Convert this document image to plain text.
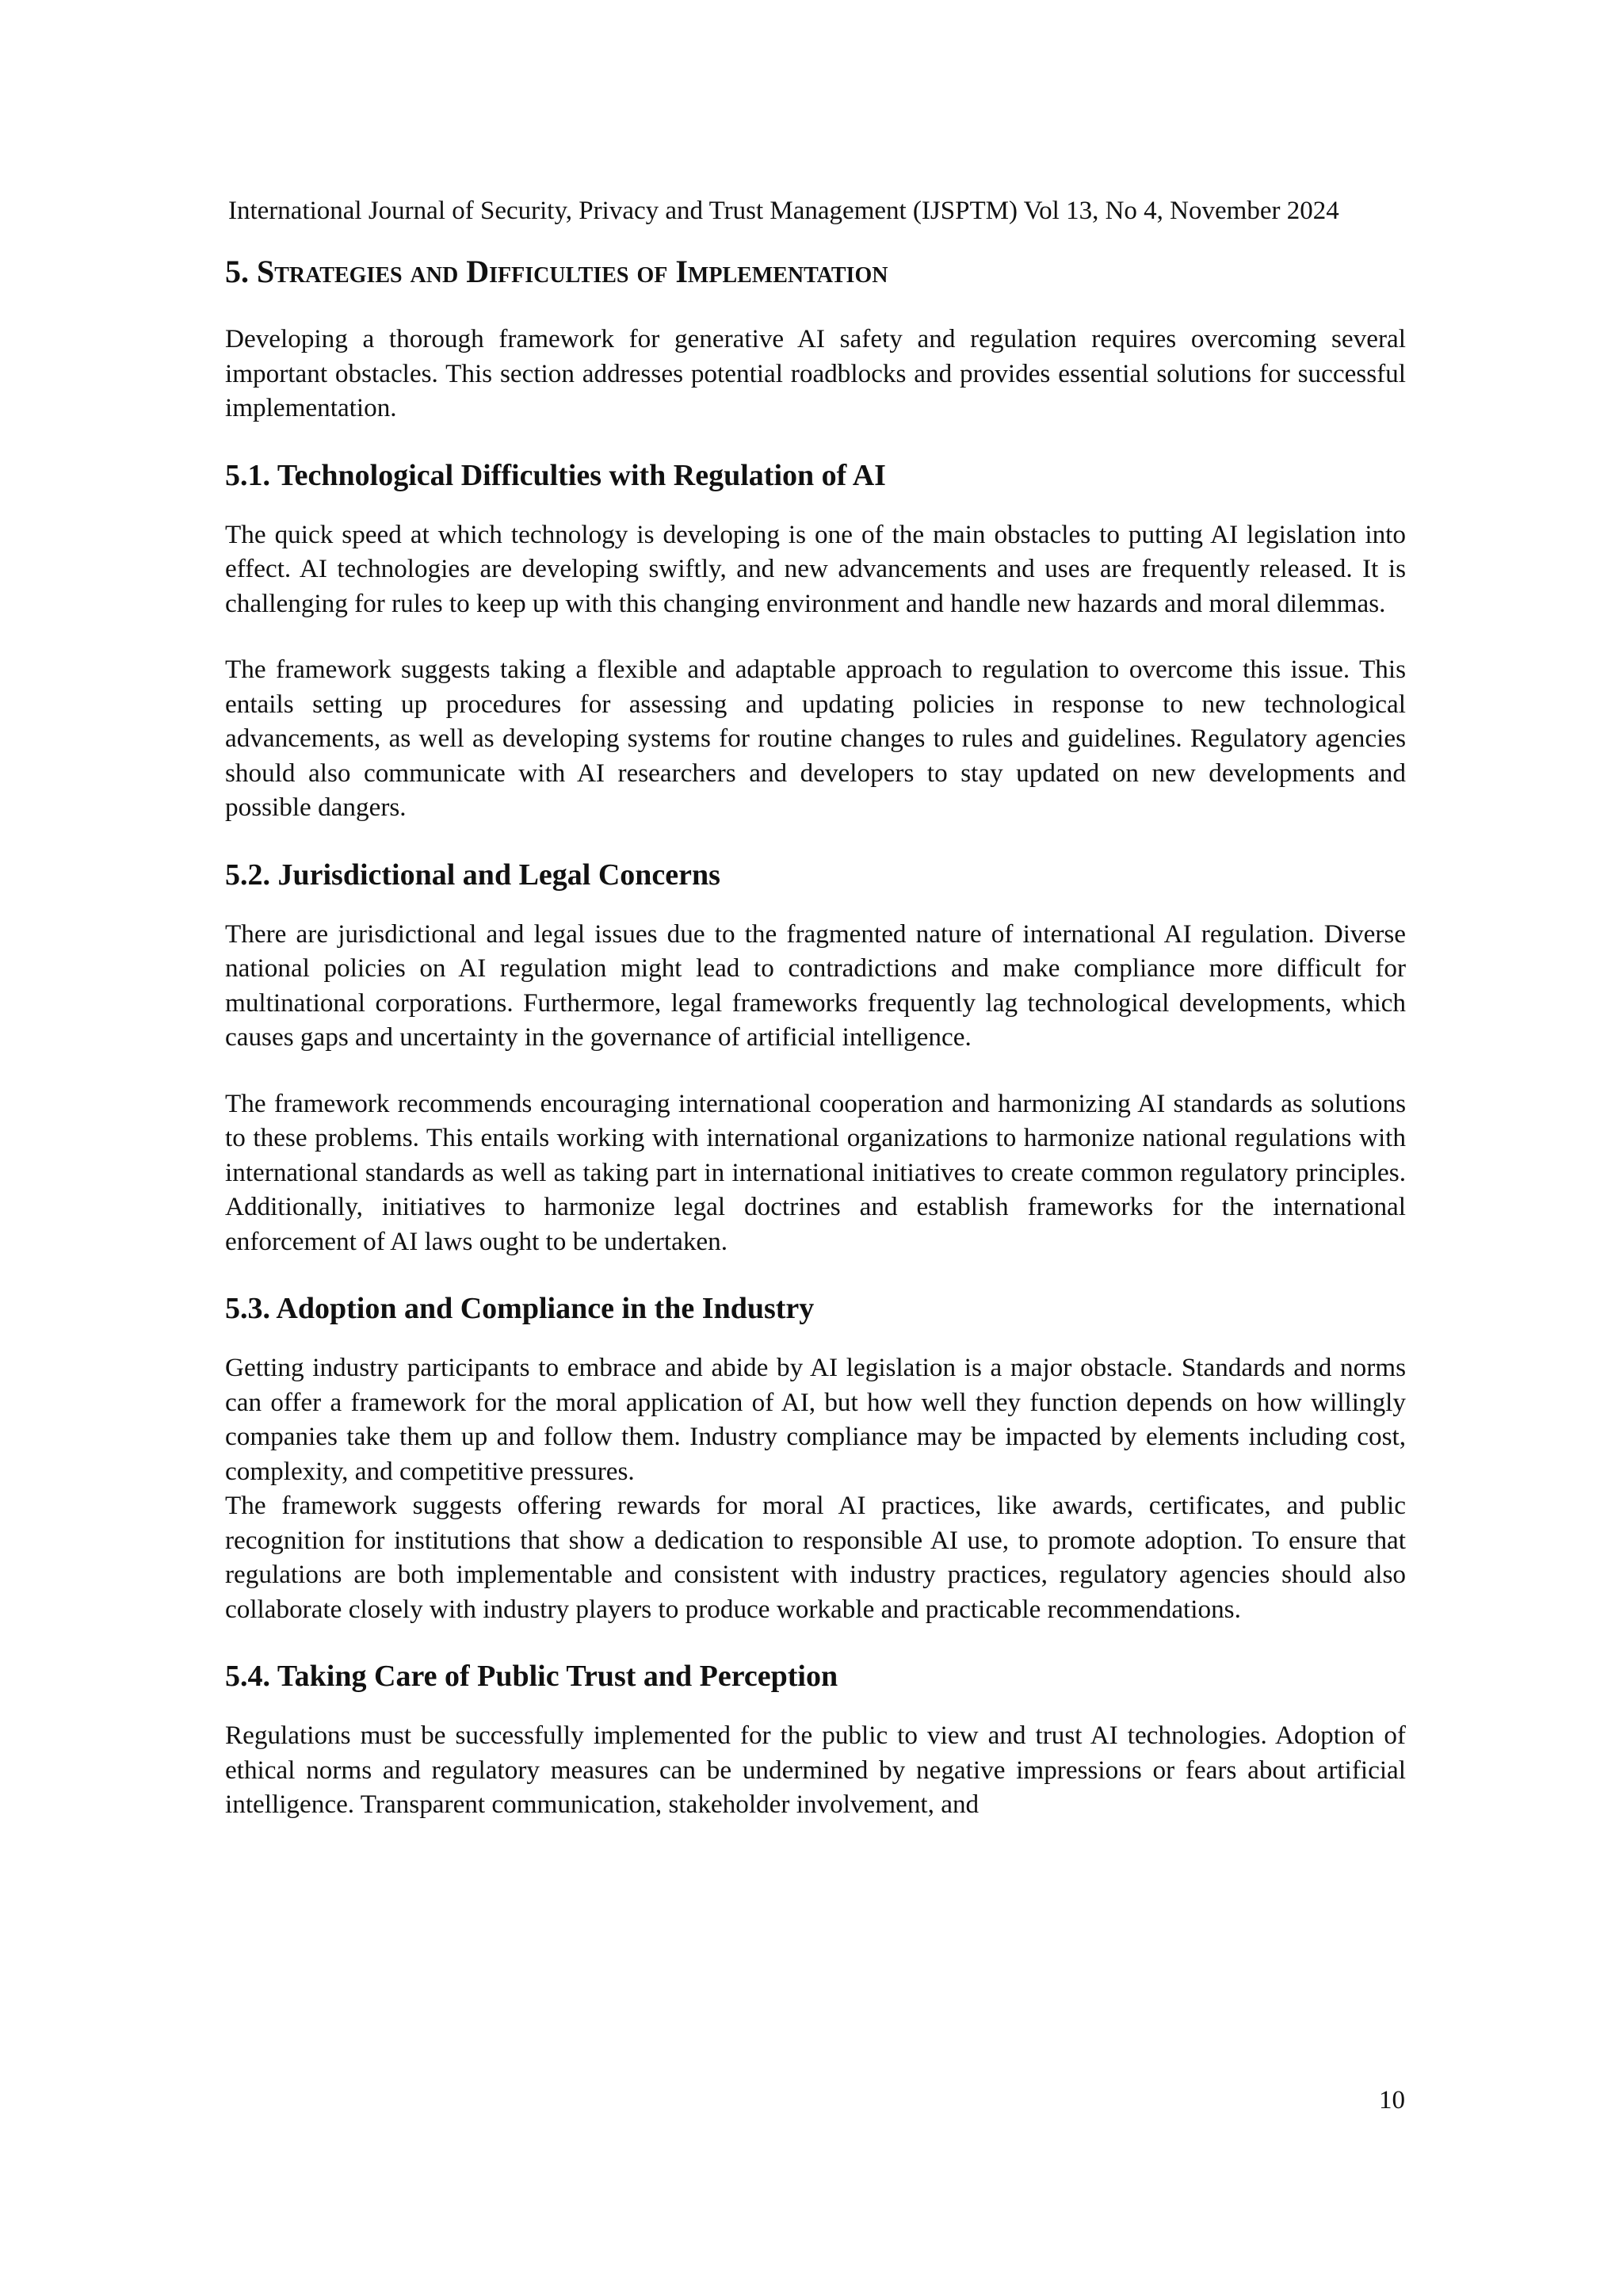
International Journal of Security, Privacy and Trust Management (IJSPTM) Vol 13, No 4, November 2024
5. Strategies and Difficulties of Implementation

Developing a thorough framework for generative AI safety and regulation requires overcoming several important obstacles. This section addresses potential roadblocks and provides essential solutions for successful implementation.

5.1. Technological Difficulties with Regulation of AI

The quick speed at which technology is developing is one of the main obstacles to putting AI legislation into effect. AI technologies are developing swiftly, and new advancements and uses are frequently released. It is challenging for rules to keep up with this changing environment and handle new hazards and moral dilemmas.

The framework suggests taking a flexible and adaptable approach to regulation to overcome this issue. This entails setting up procedures for assessing and updating policies in response to new technological advancements, as well as developing systems for routine changes to rules and guidelines. Regulatory agencies should also communicate with AI researchers and developers to stay updated on new developments and possible dangers.

5.2. Jurisdictional and Legal Concerns

There are jurisdictional and legal issues due to the fragmented nature of international AI regulation. Diverse national policies on AI regulation might lead to contradictions and make compliance more difficult for multinational corporations. Furthermore, legal frameworks frequently lag technological developments, which causes gaps and uncertainty in the governance of artificial intelligence.

The framework recommends encouraging international cooperation and harmonizing AI standards as solutions to these problems. This entails working with international organizations to harmonize national regulations with international standards as well as taking part in international initiatives to create common regulatory principles. Additionally, initiatives to harmonize legal doctrines and establish frameworks for the international enforcement of AI laws ought to be undertaken.

5.3. Adoption and Compliance in the Industry

Getting industry participants to embrace and abide by AI legislation is a major obstacle. Standards and norms can offer a framework for the moral application of AI, but how well they function depends on how willingly companies take them up and follow them. Industry compliance may be impacted by elements including cost, complexity, and competitive pressures.

The framework suggests offering rewards for moral AI practices, like awards, certificates, and public recognition for institutions that show a dedication to responsible AI use, to promote adoption. To ensure that regulations are both implementable and consistent with industry practices, regulatory agencies should also collaborate closely with industry players to produce workable and practicable recommendations.

5.4. Taking Care of Public Trust and Perception

Regulations must be successfully implemented for the public to view and trust AI technologies. Adoption of ethical norms and regulatory measures can be undermined by negative impressions or fears about artificial intelligence. Transparent communication, stakeholder involvement, and

10
